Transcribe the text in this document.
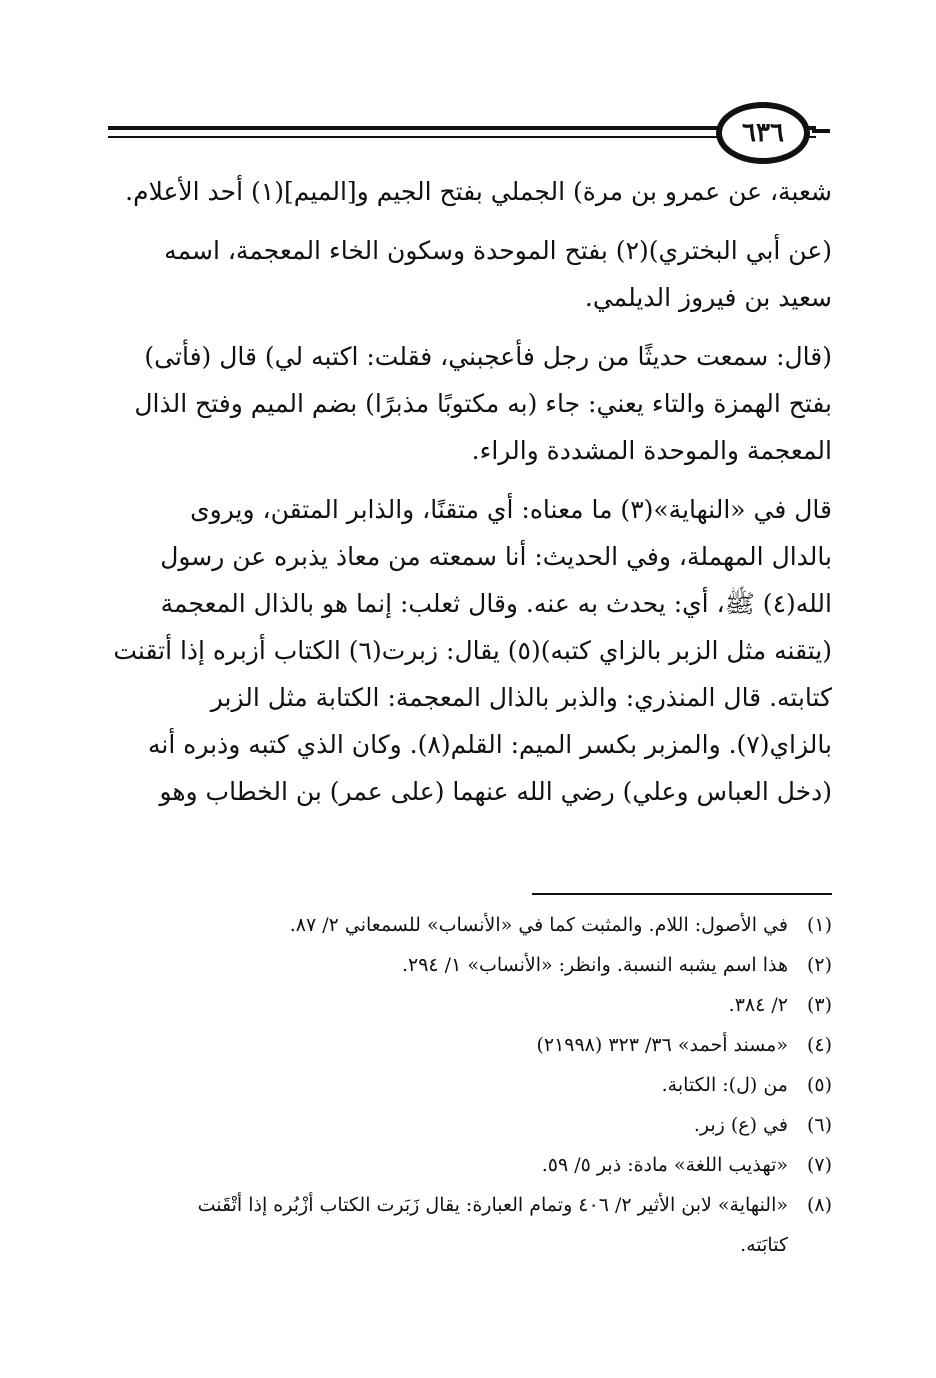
٦٣٦
شعبة، عن عمرو بن مرة) الجملي بفتح الجيم و[الميم](١) أحد الأعلام.
(عن أبي البختري)(٢) بفتح الموحدة وسكون الخاء المعجمة، اسمه
سعيد بن فيروز الديلمي.
(قال: سمعت حديثًا من رجل فأعجبني، فقلت: اكتبه لي) قال (فأتى)
بفتح الهمزة والتاء يعني: جاء (به مكتوبًا مذبرًا) بضم الميم وفتح الذال
المعجمة والموحدة المشددة والراء.
قال في «النهاية»(٣) ما معناه: أي متقنًا، والذابر المتقن، ويروى
بالدال المهملة، وفي الحديث: أنا سمعته من معاذ يذبره عن رسول
الله(٤) ﷺ، أي: يحدث به عنه. وقال ثعلب: إنما هو بالذال المعجمة
(يتقنه مثل الزبر بالزاي كتبه)(٥) يقال: زبرت(٦) الكتاب أزبره إذا أتقنت
كتابته. قال المنذري: والذبر بالذال المعجمة: الكتابة مثل الزبر
بالزاي(٧). والمزبر بكسر الميم: القلم(٨). وكان الذي كتبه وذبره أنه
(دخل العباس وعلي) رضي الله عنهما (على عمر) بن الخطاب وهو
(١)
في الأصول: اللام. والمثبت كما في «الأنساب» للسمعاني ٢/ ٨٧.
(٢)
هذا اسم يشبه النسبة. وانظر: «الأنساب» ١/ ٢٩٤.
(٣)
٢/ ٣٨٤.
(٤)
«مسند أحمد» ٣٦/ ٣٢٣ (٢١٩٩٨)
(٥)
من (ل): الكتابة.
(٦)
في (ع) زبر.
(٧)
«تهذيب اللغة» مادة: ذبر ٥/ ٥٩.
(٨)
«النهاية» لابن الأثير ٢/ ٤٠٦ وتمام العبارة: يقال زَبَرت الكتاب أزْبُره إذا أتْقَنت
كتابَته.
